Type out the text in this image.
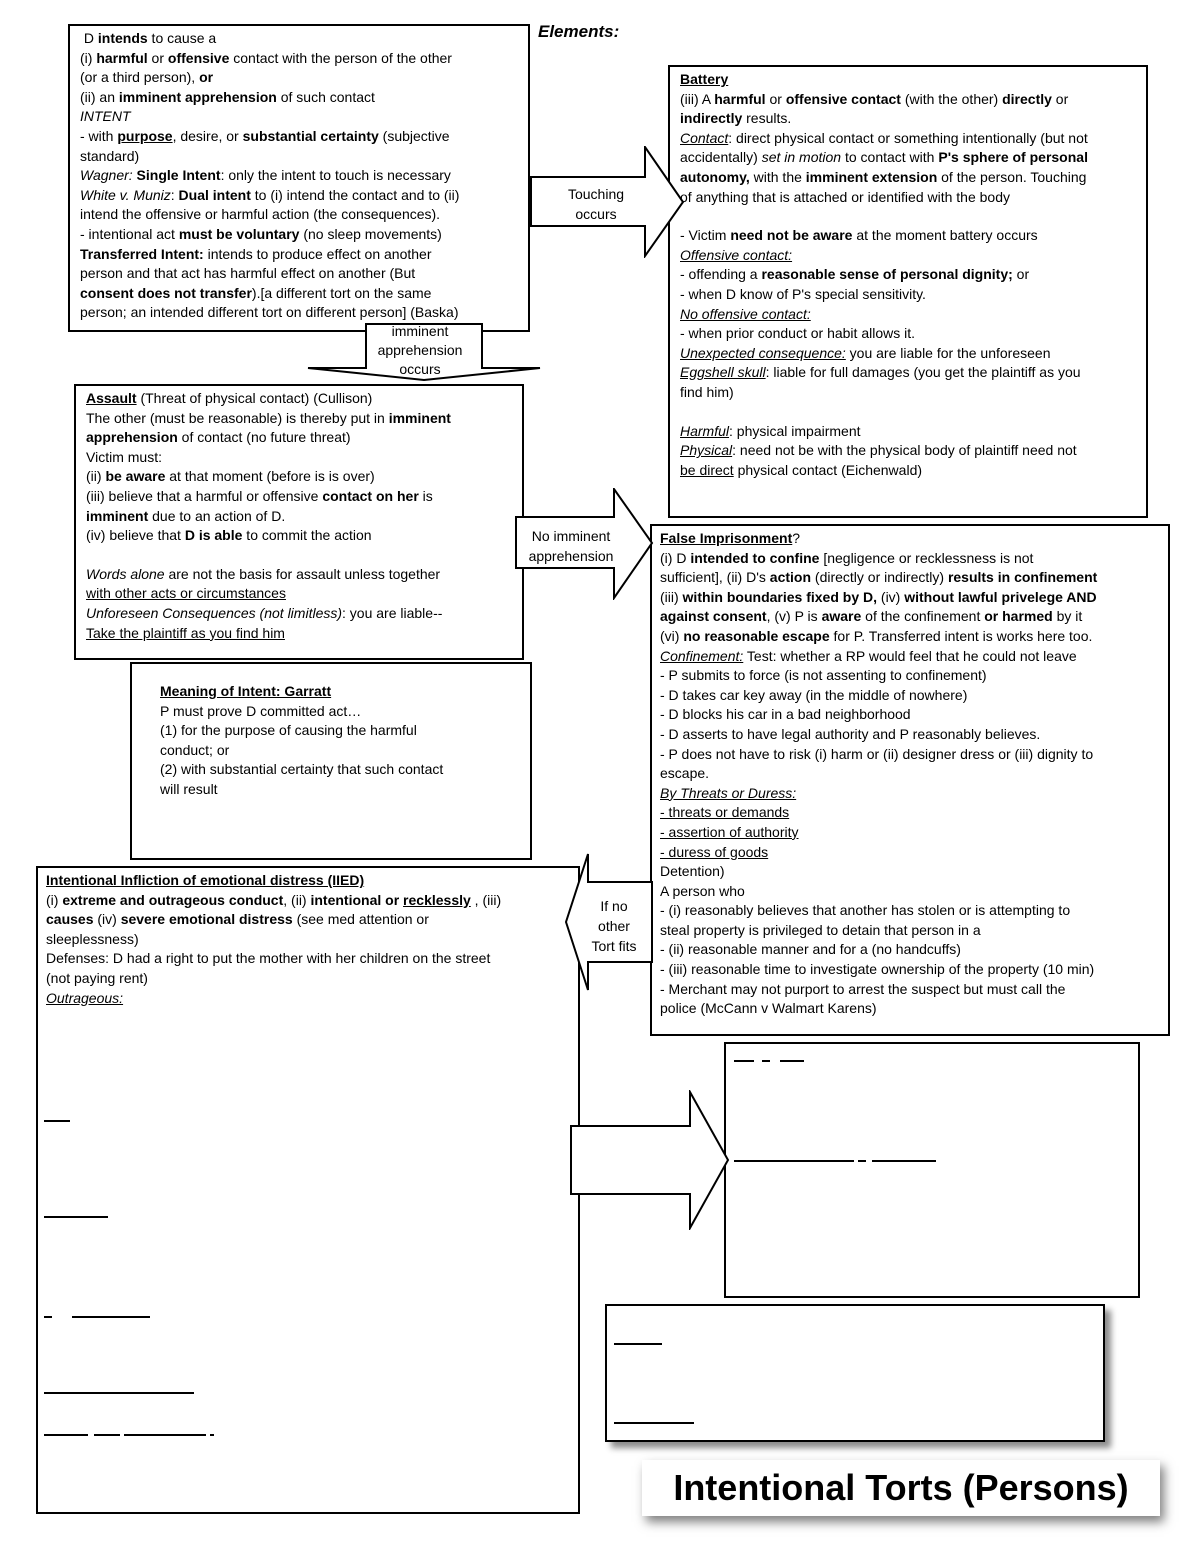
Elements:

D intends to cause a

(i) harmful or offensive contact with the person of the other

(or a third person), or

(ii) an imminent apprehension of such contact

INTENT

- with purpose, desire, or substantial certainty (subjective

standard)

Wagner: Single Intent: only the intent to touch is necessary

White v. Muniz: Dual intent to (i) intend the contact and to (ii)

intend the offensive or harmful action (the consequences).

- intentional act must be voluntary (no sleep movements)

Transferred Intent: intends to produce effect on another

person and that act has harmful effect on another (But

consent does not transfer).[a different tort on the same

person; an intended different tort on different person] (Baska)

Battery

(iii) A harmful or offensive contact (with the other) directly or

indirectly results.

Contact: direct physical contact or something intentionally (but not

accidentally) set in motion to contact with P's sphere of personal

autonomy, with the imminent extension of the person. Touching

of anything that is attached or identified with the body

- Victim need not be aware at the moment battery occurs

Offensive contact:

- offending a reasonable sense of personal dignity; or

- when D know of P's special sensitivity.

No offensive contact:

- when prior conduct or habit allows it.

Unexpected consequence: you are liable for the unforeseen

Eggshell skull: liable for full damages (you get the plaintiff as you

find him)

Harmful: physical impairment

Physical: need not be with the physical body of plaintiff need not

be direct physical contact (Eichenwald)

Assault (Threat of physical contact) (Cullison)

The other (must be reasonable) is thereby put in imminent

apprehension of contact (no future threat)

Victim must:

(ii) be aware at that moment (before is is over)

(iii) believe that a harmful or offensive contact on her is

imminent due to an action of D.

(iv) believe that D is able to commit the action

Words alone are not the basis for assault unless together

with other acts or circumstances

Unforeseen Consequences (not limitless): you are liable--

Take the plaintiff as you find him

Meaning of Intent: Garratt

P must prove D committed act…

(1) for the purpose of causing the harmful

conduct; or

(2) with substantial certainty that such contact

will result

False Imprisonment?

(i) D intended to confine [negligence or recklessness is not

sufficient], (ii) D's action (directly or indirectly) results in confinement

(iii) within boundaries fixed by D, (iv) without lawful privelege AND

against consent, (v) P is aware of the confinement or harmed by it

(vi) no reasonable escape for P. Transferred intent is works here too.

Confinement: Test: whether a RP would feel that he could not leave

- P submits to force (is not assenting to confinement)

- D takes car key away (in the middle of nowhere)

- D blocks his car in a bad neighborhood

- D asserts to have legal authority and P reasonably believes.

- P does not have to risk (i) harm or (ii) designer dress or (iii) dignity to

escape.

By Threats or Duress:

- threats or demands

- assertion of authority

- duress of goods

Detention)

A person who

- (i) reasonably believes that another has stolen or is attempting to

steal property is privileged to detain that person in a

- (ii) reasonable manner and for a (no handcuffs)

- (iii) reasonable time to investigate ownership of the property (10 min)

- Merchant may not purport to arrest the suspect but must call the

police (McCann v Walmart Karens)

Intentional Infliction of emotional distress (IIED)

(i) extreme and outrageous conduct, (ii) intentional or recklessly , (iii)

causes (iv) severe emotional distress (see med attention or

sleeplessness)

Defenses: D had a right to put the mother with her children on the street

(not paying rent)

Outrageous:

Touching occurs
imminent apprehension occurs
No imminent apprehension
If no other Tort fits
Intentional Torts (Persons)
